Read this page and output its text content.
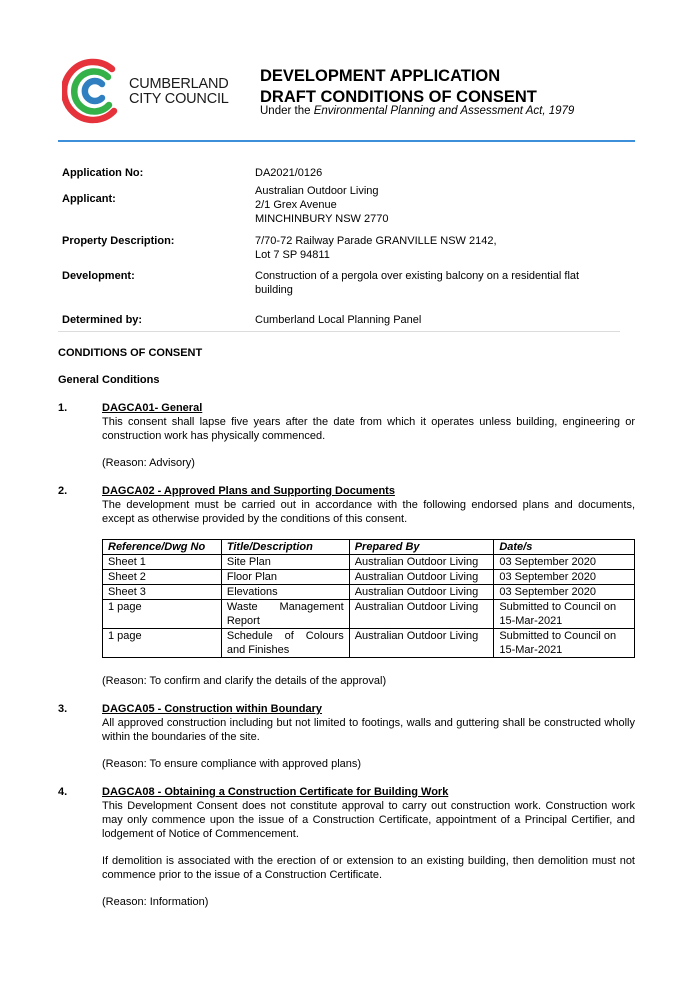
CUMBERLAND
CITY COUNCIL
DEVELOPMENT APPLICATION
DRAFT CONDITIONS OF CONSENT
Under the Environmental Planning and Assessment Act, 1979
Application No:	DA2021/0126
Applicant:
Australian Outdoor Living
2/1 Grex Avenue
MINCHINBURY NSW 2770
Property Description:	7/70-72 Railway Parade GRANVILLE NSW 2142,
Lot 7 SP 94811
Development:	Construction of a pergola over existing balcony on a residential flat
building
Determined by:	Cumberland Local Planning Panel
CONDITIONS OF CONSENT
General Conditions
1.	DAGCA01- General
This consent shall lapse five years after the date from which it operates unless building, engineering or construction work has physically commenced.
(Reason: Advisory)
2.	DAGCA02 - Approved Plans and Supporting Documents
The development must be carried out in accordance with the following endorsed plans and documents, except as otherwise provided by the conditions of this consent.
Reference/Dwg No	Title/Description	Prepared By	Date/s
Sheet 1	Site Plan	Australian Outdoor Living	03 September 2020
Sheet 2	Floor Plan	Australian Outdoor Living	03 September 2020
Sheet 3	Elevations	Australian Outdoor Living	03 September 2020
1 page	Waste Management Report	Australian Outdoor Living	Submitted to Council on 15-Mar-2021
1 page	Schedule of Colours and Finishes	Australian Outdoor Living	Submitted to Council on 15-Mar-2021
(Reason: To confirm and clarify the details of the approval)
3.	DAGCA05 - Construction within Boundary
All approved construction including but not limited to footings, walls and guttering shall be constructed wholly within the boundaries of the site.
(Reason: To ensure compliance with approved plans)
4.	DAGCA08 - Obtaining a Construction Certificate for Building Work
This Development Consent does not constitute approval to carry out construction work. Construction work may only commence upon the issue of a Construction Certificate, appointment of a Principal Certifier, and lodgement of Notice of Commencement.
If demolition is associated with the erection of or extension to an existing building, then demolition must not commence prior to the issue of a Construction Certificate.
(Reason: Information)
